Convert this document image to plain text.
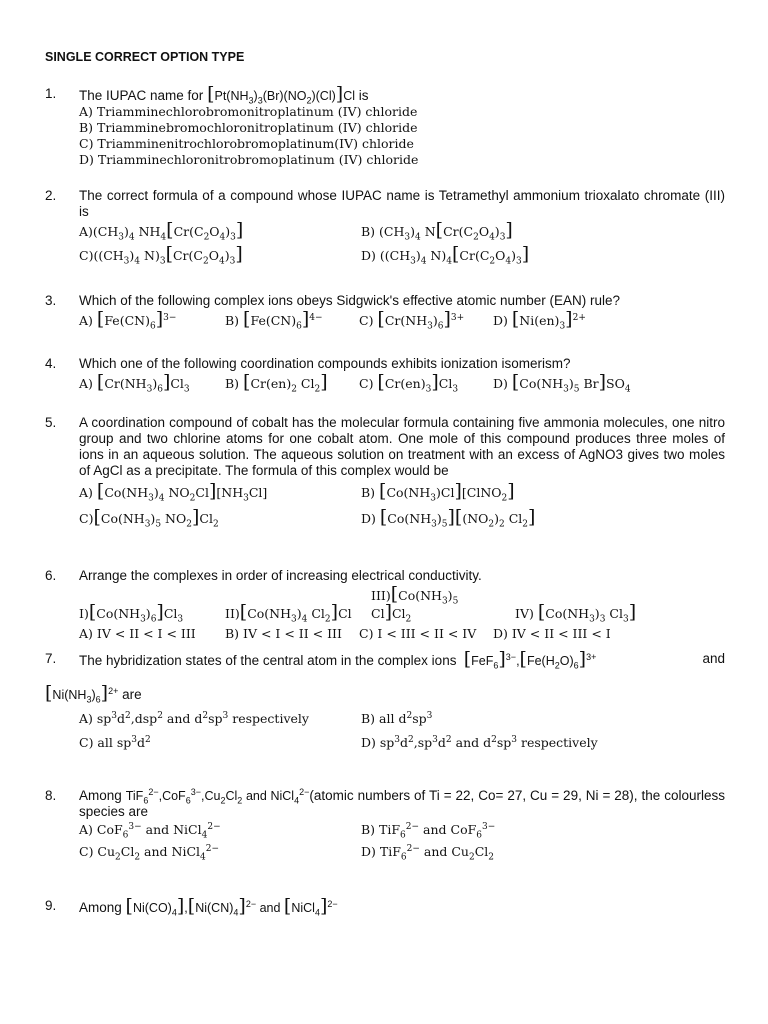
SINGLE CORRECT OPTION TYPE
1. The IUPAC name for $[Pt(NH_3)_3(Br)(NO_2)(Cl)]Cl$ is
A) Triamminechlorobromonitroplatinum (IV) chloride
B) Triamminebromochloronitroplatinum (IV) chloride
C) Triamminenitrochlorobromoplatinum(IV) chloride
D) Triamminechloronitrobromoplatinum (IV) chloride
2. The correct formula of a compound whose IUPAC name is Tetramethyl ammonium trioxalato chromate (III) is
$A)(CH_3)_4$ $NH_4[Cr(C_2O_4)_3]$	B) $(CH_3)_4$ $N[Cr(C_2O_4)_3]$
$C)((CH_3)_4$ $N)_3[Cr(C_2O_4)_3]$	D) ($(CH_3)_4$ $N)_4[Cr(C_2O_4)_3]$
3. Which of the following complex ions obeys Sidgwick's effective atomic number (EAN) rule?
A) $[Fe(CN)_6]^{3-}$	B) $[Fe(CN)_6]^{4-}$	C) $[Cr(NH_3)_6]^{3+}$	D) $[Ni(en)_3]^{2+}$
4. Which one of the following coordination compounds exhibits ionization isomerism?
A) $[Cr(NH_3)_6]Cl_3$	B) [$Cr(en)_2$ $Cl_2$]	C) $[Cr(en)_3]Cl_3$	D) [$Co(NH_3)_5$ $Br]SO_4$
5. A coordination compound of cobalt has the molecular formula containing five ammonia molecules, one nitro group and two chlorine atoms for one cobalt atom. One mole of this compound produces three moles of ions in an aqueous solution. The aqueous solution on treatment with an excess of AgNO3 gives two moles of AgCl as a precipitate. The formula of this complex would be
A) [$Co(NH_3)_4$ $NO_2Cl][NH_3Cl]$	B) $[Co(NH_3)Cl][ClNO_2]$
$C)[Co(NH_3)_5$ $NO_2]Cl_2$	D) $[Co(NH_3)_5][(NO_2)_2$ $Cl_2$]
6. Arrange the complexes in order of increasing electrical conductivity.
$I)[Co(NH_3)_6]Cl_3$	$II)[Co(NH_3)_4$ $Cl_2]Cl$
$III)[Co(NH_3)_5$ $Cl]Cl_2$	IV) [$Co(NH_3)_3$ $Cl_3$]
A) IV < II < I < III	B) IV < I < II < III C) I < III < II < IV D) IV < II < III < I
7. The hybridization states of the central atom in the complex ions $[FeF_6]^{3-},[Fe(H_2O)_6]^{3+}$	and
$[Ni(NH_3)_6]^{2+}$ are
A) $sp^3d^2,dsp^2$ and $d^2sp^3$ respectively	B) all $d^2sp^3$
C) all $sp^3d^2$	D) $sp^3d^2,sp^3d^2$ and $d^2sp^3$ respectively
8. Among $TiF_6^{2-},CoF_6^{3-},Cu_2Cl_2$ and NiCl$_4^{2-}$(atomic numbers of Ti = 22, Co= 27, Cu = 29, Ni = 28), the colourless species are
A) CoF$_6^{3-}$ and NiCl$_4^{2-}$	B) TiF$_6^{2-}$ and CoF$_6^{3-}$
C) $Cu_2Cl_2$ and NiCl$_4^{2-}$	D) TiF$_6^{2-}$ and $Cu_2Cl_2$
9. Among $[Ni(CO)_4],[Ni(CN)_4]^{2-}$ and [NiCl$_4$]$^{2-}$
